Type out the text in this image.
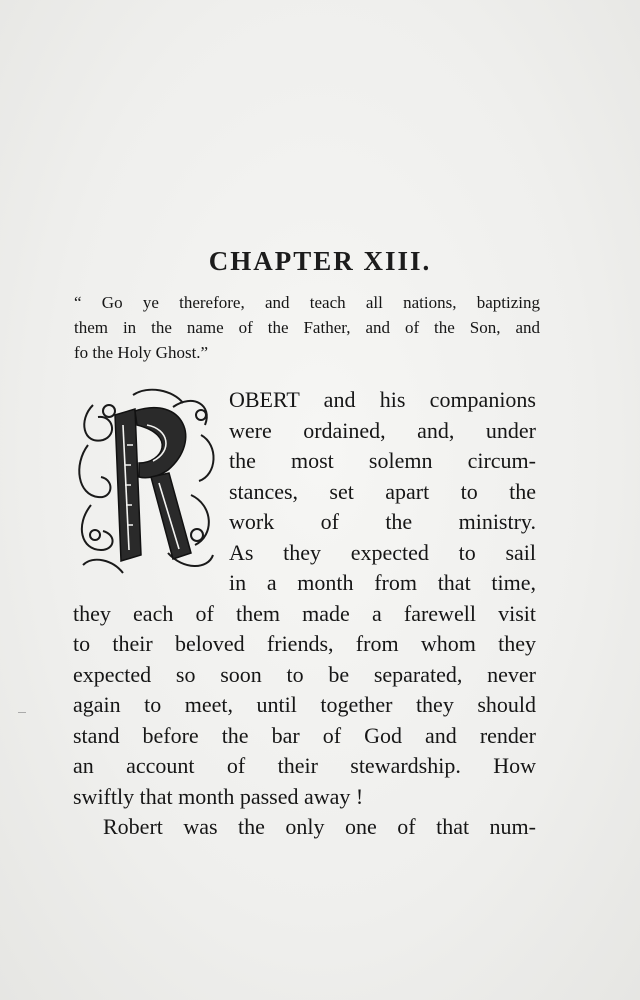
CHAPTER XIII.
“ Go ye therefore, and teach all nations, baptizing
them in the name of the Father, and of the Son, and
fo the Holy Ghost.”

OBERT and his companions
were ordained, and, under
the most solemn circum-
stances, set apart to the
work of the ministry.
As they expected to sail
in a month from that time,

they each of them made a farewell visit
to their beloved friends, from whom they
expected so soon to be separated, never
again to meet, until together they should
stand before the bar of God and render
an account of their stewardship. How
swiftly that month passed away !

Robert was the only one of that num-
